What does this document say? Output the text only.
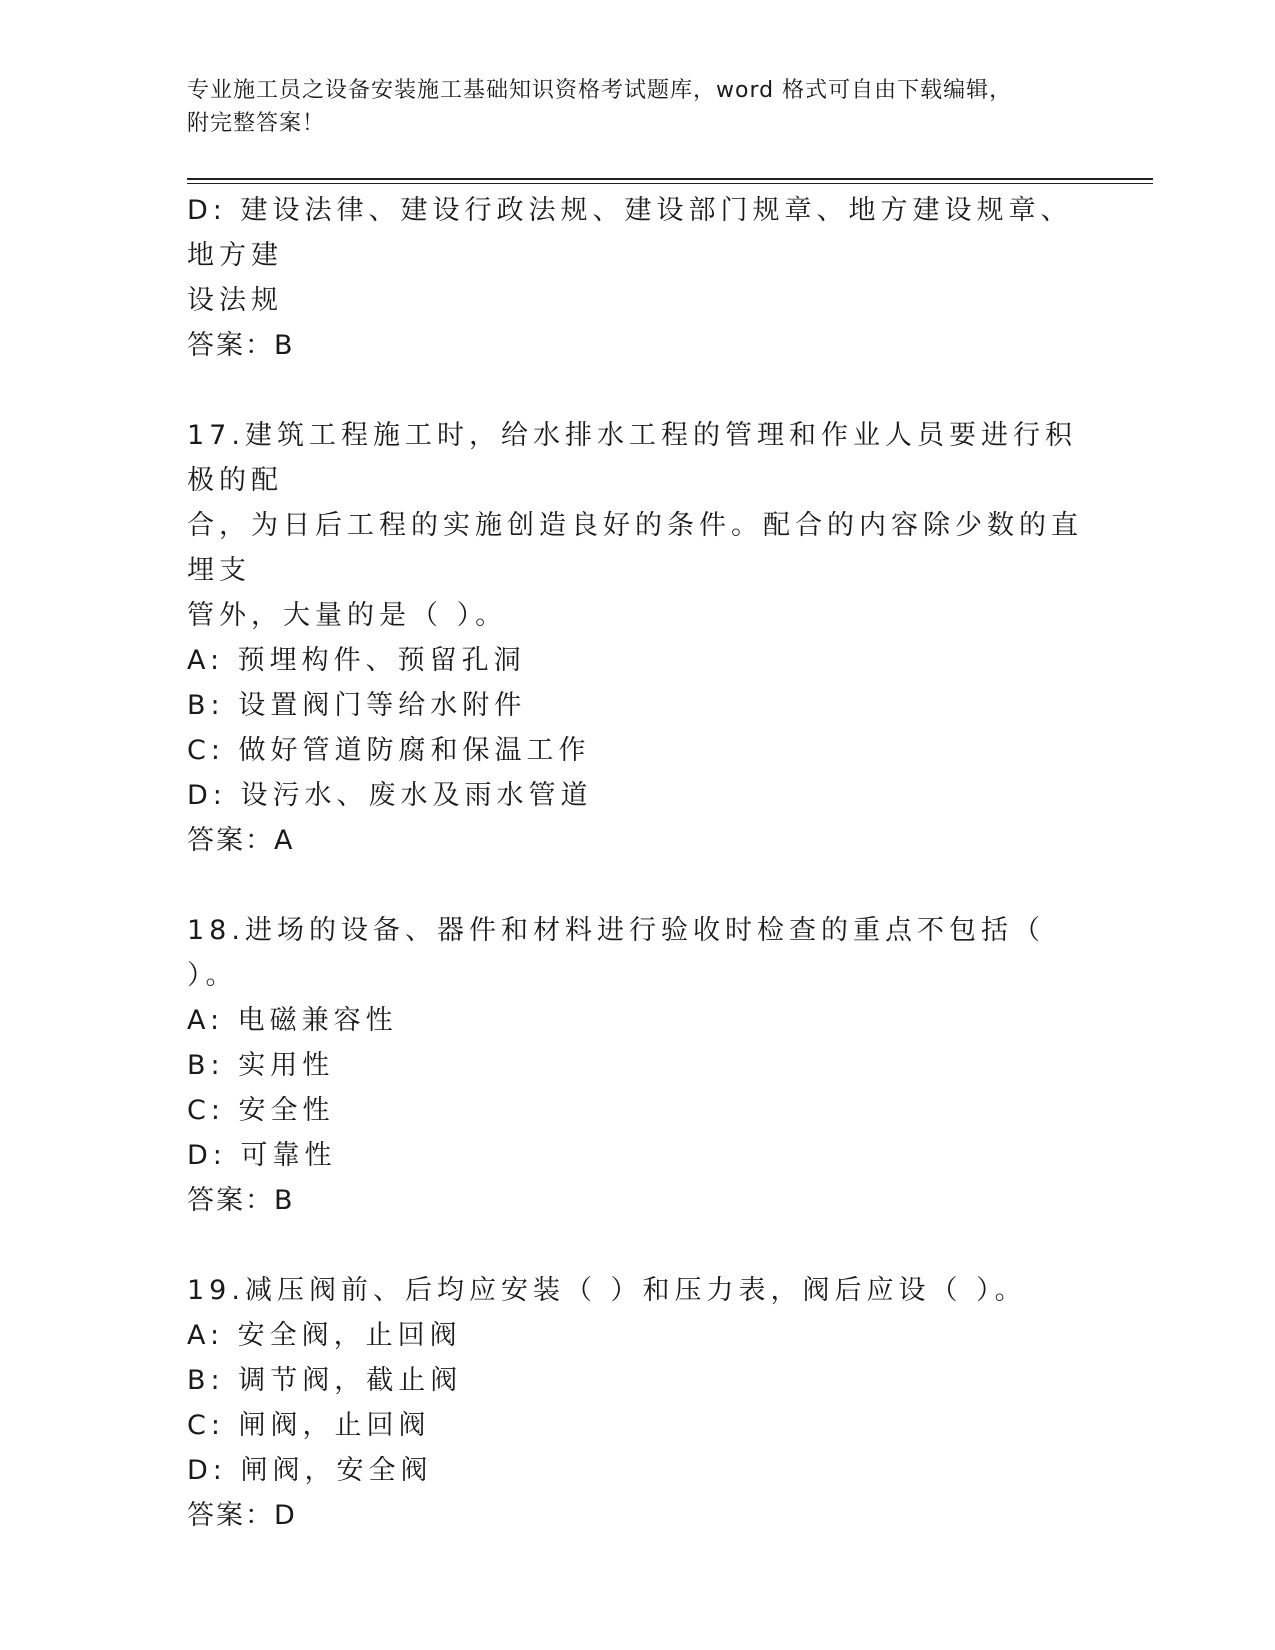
专业施工员之设备安装施工基础知识资格考试题库，word 格式可自由下载编辑，
附完整答案！
D: 建设法律、建设行政法规、建设部门规章、地方建设规章、地方建
设法规
答案：B
17.建筑工程施工时，给水排水工程的管理和作业人员要进行积极的配
合，为日后工程的实施创造良好的条件。配合的内容除少数的直埋支
管外，大量的是（ ）。
A: 预埋构件、预留孔洞
B: 设置阀门等给水附件
C: 做好管道防腐和保温工作
D: 设污水、废水及雨水管道
答案：A
18.进场的设备、器件和材料进行验收时检查的重点不包括（ ）。
A: 电磁兼容性
B: 实用性
C: 安全性
D: 可靠性
答案：B
19.减压阀前、后均应安装（ ）和压力表，阀后应设（ ）。
A: 安全阀，止回阀
B: 调节阀，截止阀
C: 闸阀，止回阀
D: 闸阀，安全阀
答案：D
